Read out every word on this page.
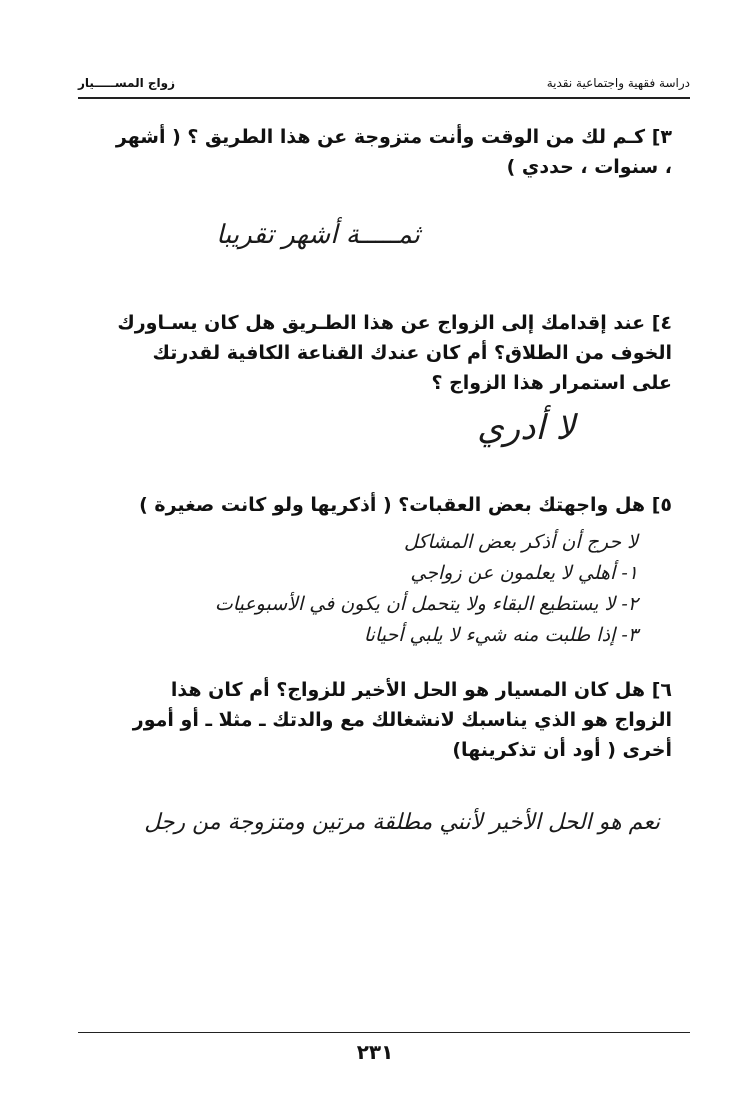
دراسة فقهية واجتماعية نقدية
زواج المســـــيار
٣] كـم لك من الوقت وأنت متزوجة عن هذا الطريق ؟ ( أشهر ، سنوات ، حددي )
ثمـــــة أشهر تقريبا
٤] عند إقدامك إلى الزواج عن هذا الطـريق هل كان يسـاورك الخوف من الطلاق؟ أم كان عندك القناعة الكافية لقدرتك على استمرار هذا الزواج ؟
لا أدري
٥] هل واجهتك بعض العقبات؟ ( أذكريها ولو كانت صغيرة )
لا حرج أن أذكر بعض المشاكل
١- أهلي لا يعلمون عن زواجي
٢- لا يستطيع البقاء ولا يتحمل أن يكون في الأسبوعيات
٣- إذا طلبت منه شيء لا يلبي أحيانا
٦] هل كان المسيار هو الحل الأخير للزواج؟ أم كان هذا الزواج هو الذي يناسبك لانشغالك مع والدتك ـ مثلا ـ أو أمور أخرى ( أود أن تذكرينها)
نعم هو الحل الأخير لأنني مطلقة مرتين ومتزوجة من رجل
٢٣١
